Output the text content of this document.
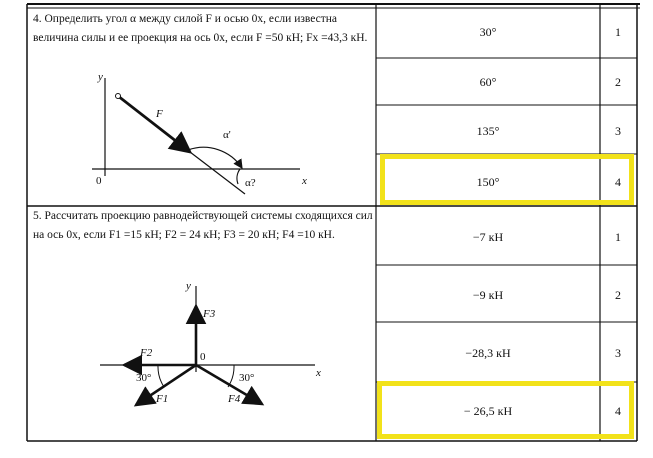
4. Определить угол α между силой F и осью 0x, если известна величина силы и ее проекция на ось 0x, если F =50 кН; Fx =43,3 кН.
y
x
0
F
α'
α?
30°	1
60°	2
135°	3
150°	4
5. Рассчитать проекцию равнодействующей системы сходящихся сил на ось 0x, если F1 =15 кН; F2 = 24 кН; F3 = 20 кН; F4 =10 кН.
y
x
0
F3
F2
F1	F4
30°	30°
−7 кН	1
−9 кН	2
−28,3 кН	3
− 26,5 кН	4
